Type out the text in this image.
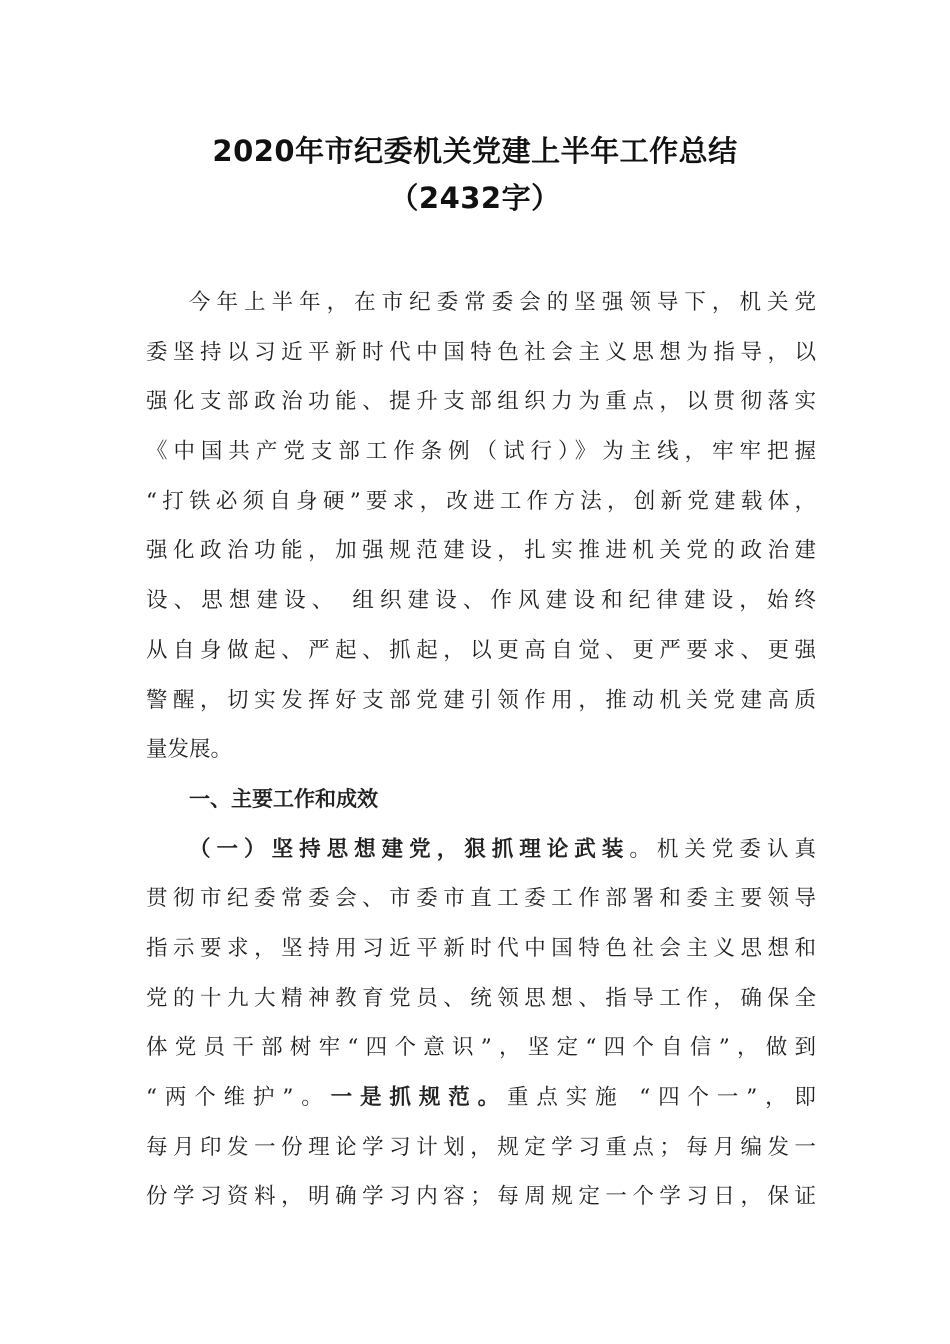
2020年市纪委机关党建上半年工作总结
（2432字）
今年上半年，在市纪委常委会的坚强领导下，机关党
委坚持以习近平新时代中国特色社会主义思想为指导，以
强化支部政治功能、提升支部组织力为重点，以贯彻落实
《中国共产党支部工作条例（试行）》为主线，牢牢把握
“打铁必须自身硬”要求，改进工作方法，创新党建载体，
强化政治功能，加强规范建设，扎实推进机关党的政治建
设、思想建设、 组织建设、作风建设和纪律建设，始终
从自身做起、严起、抓起，以更高自觉、更严要求、更强
警醒，切实发挥好支部党建引领作用，推动机关党建高质
量发展。
一、主要工作和成效
（一）坚持思想建党，狠抓理论武装。机关党委认真
贯彻市纪委常委会、市委市直工委工作部署和委主要领导
指示要求，坚持用习近平新时代中国特色社会主义思想和
党的十九大精神教育党员、统领思想、指导工作，确保全
体党员干部树牢“四个意识”，坚定“四个自信”，做到
“两个维护”。一是抓规范。重点实施 “四个一”，即
每月印发一份理论学习计划，规定学习重点；每月编发一
份学习资料，明确学习内容；每周规定一个学习日，保证
